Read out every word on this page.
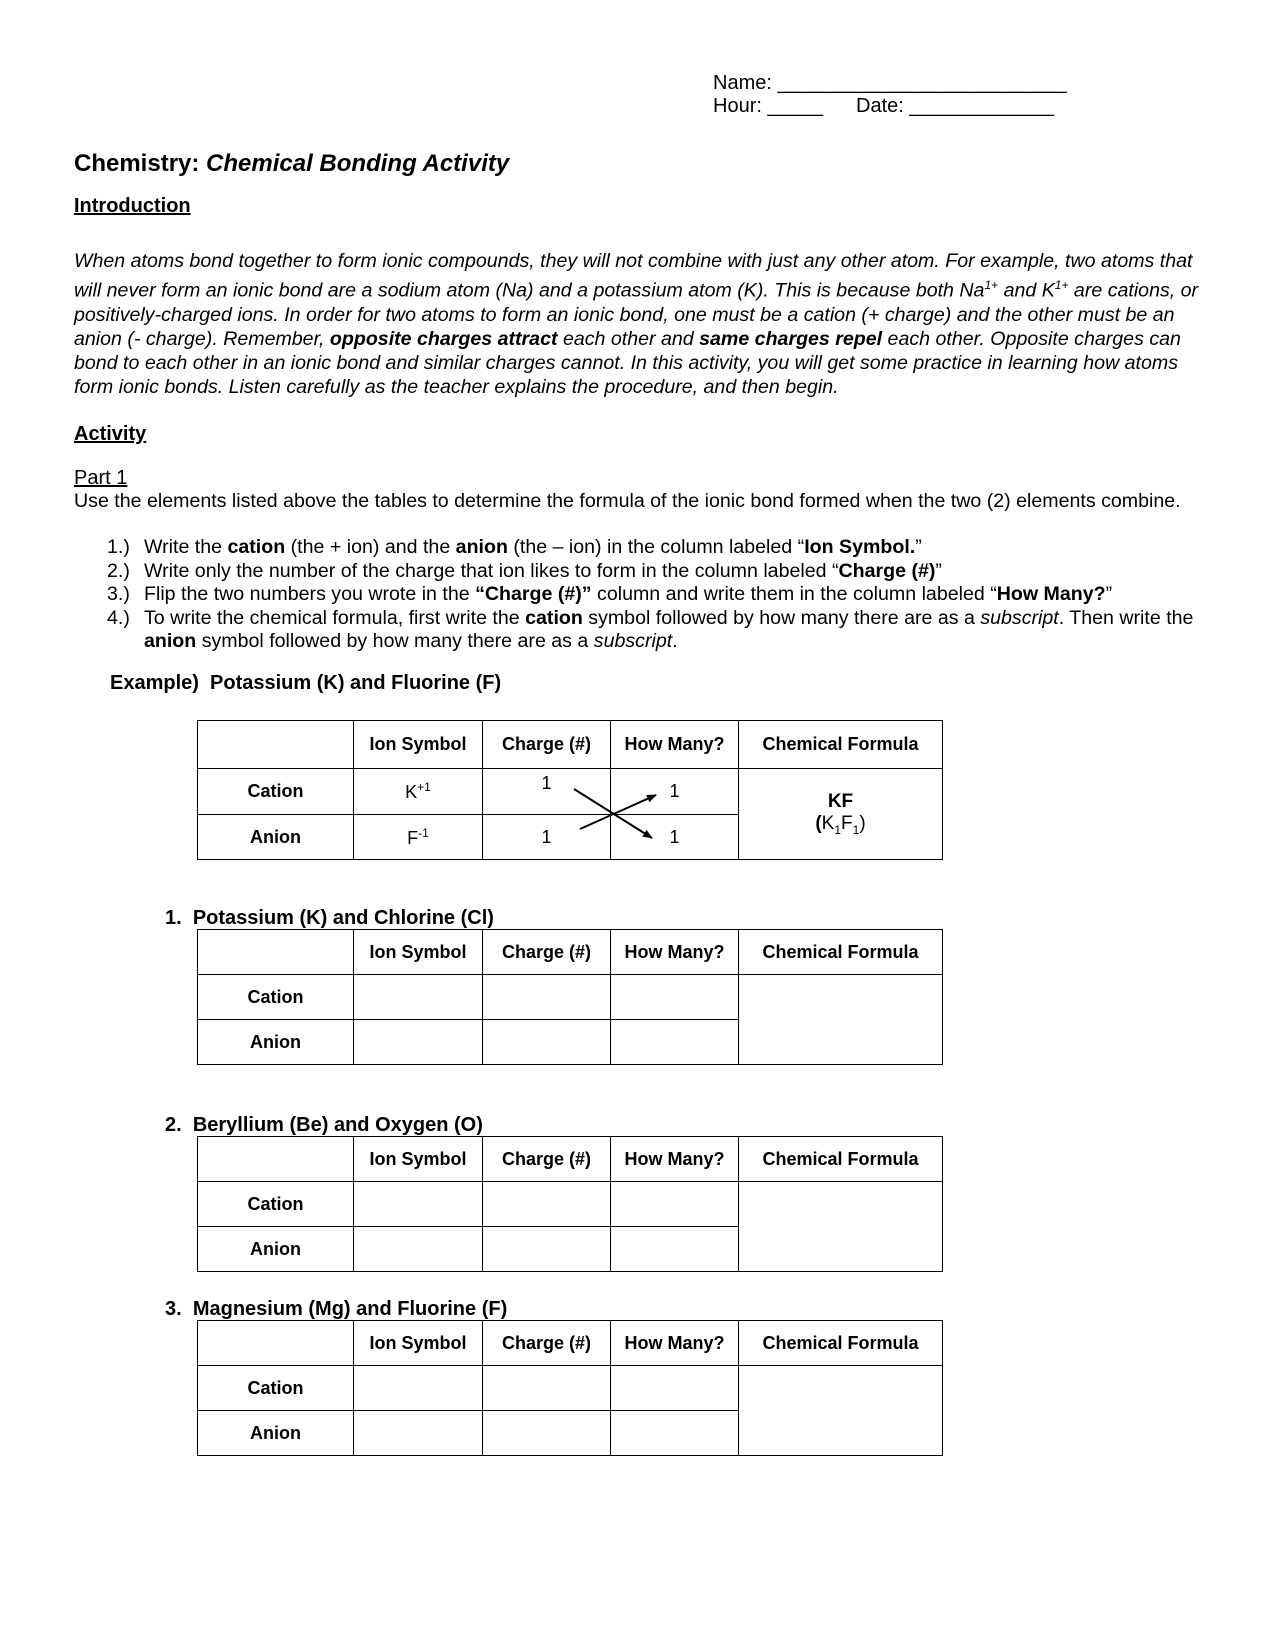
Name: __________________________
Hour: _____ Date: _____________
Chemistry: Chemical Bonding Activity
Introduction
When atoms bond together to form ionic compounds, they will not combine with just any other atom. For example, two atoms that will never form an ionic bond are a sodium atom (Na) and a potassium atom (K). This is because both $Na^{1+}$ and $K^{1+}$ are cations, or positively-charged ions. In order for two atoms to form an ionic bond, one must be a cation (+ charge) and the other must be an anion (- charge). Remember, opposite charges attract each other and same charges repel each other. Opposite charges can bond to each other in an ionic bond and similar charges cannot. In this activity, you will get some practice in learning how atoms form ionic bonds. Listen carefully as the teacher explains the procedure, and then begin.
Activity
Part 1
Use the elements listed above the tables to determine the formula of the ionic bond formed when the two (2) elements combine.
1.) Write the cation (the + ion) and the anion (the – ion) in the column labeled “Ion Symbol.”
2.) Write only the number of the charge that ion likes to form in the column labeled “Charge (#)”
3.) Flip the two numbers you wrote in the “Charge (#)” column and write them in the column labeled “How Many?”
4.) To write the chemical formula, first write the cation symbol followed by how many there are as a subscript. Then write the anion symbol followed by how many there are as a subscript.
Example)  Potassium (K) and Fluorine (F)
	Ion Symbol	Charge (#)	How Many?	Chemical Formula
Cation	$K^{+1}$	1	1	KF
$(K_1F_1)$

Anion	$F^{-1}$	1	1	
1. Potassium (K) and Chlorine (Cl)
	Ion Symbol	Charge (#)	How Many?	Chemical Formula
Cation				
Anion				
2. Beryllium (Be) and Oxygen (O)
	Ion Symbol	Charge (#)	How Many?	Chemical Formula
Cation				
Anion				
3. Magnesium (Mg) and Fluorine (F)
	Ion Symbol	Charge (#)	How Many?	Chemical Formula
Cation				
Anion				
